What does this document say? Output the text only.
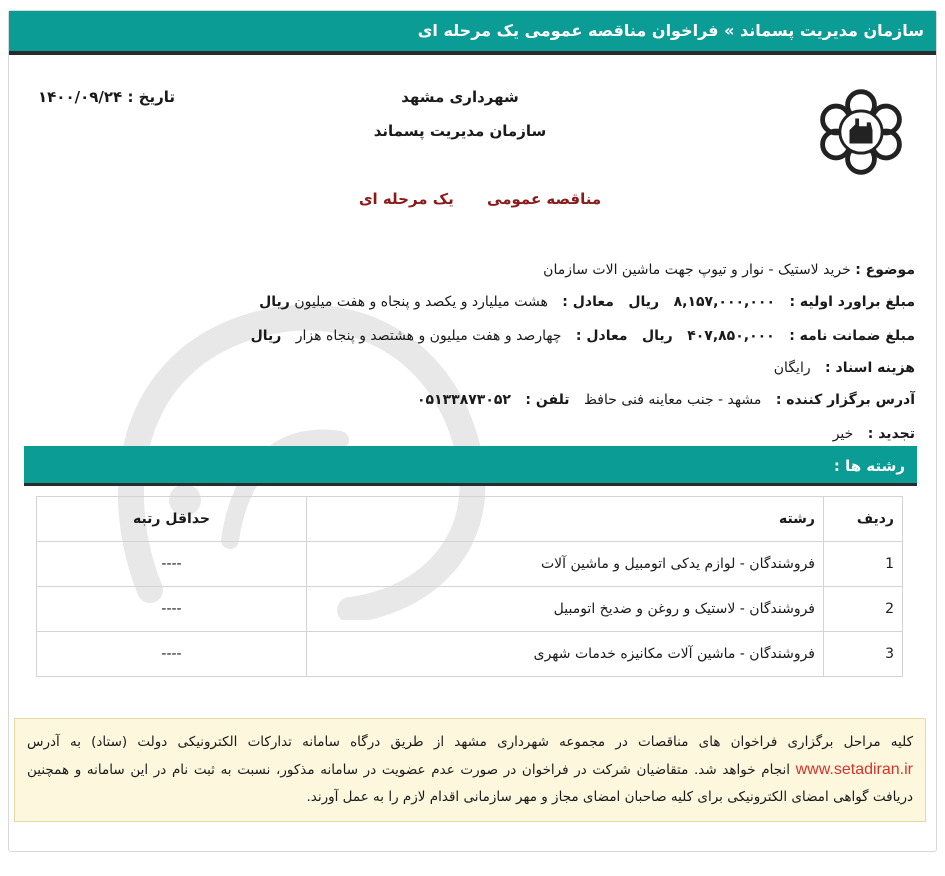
سازمان مدیریت پسماند » فراخوان مناقصه عمومی یک مرحله ای
شهرداری مشهد
سازمان مدیریت پسماند
تاریخ : ۱۴۰۰/۰۹/۲۴
مناقصه عمومی یک مرحله ای
موضوع : خرید لاستیک - نوار و تیوپ جهت ماشین الات سازمان
مبلغ براورد اولیه : ۸,۱۵۷,۰۰۰,۰۰۰ ریال معادل : هشت میلیارد و یکصد و پنجاه و هفت میلیون ریال
مبلغ ضمانت نامه : ۴۰۷,۸۵۰,۰۰۰ ریال معادل : چهارصد و هفت میلیون و هشتصد و پنجاه هزار ریال
هزینه اسناد : رایگان
آدرس برگزار کننده : مشهد - جنب معاینه فنی حافظ تلفن : ۰۵۱۳۳۸۷۳۰۵۲
تجدید : خیر
رشته ها :
ردیف	رشته	حداقل رتبه
1	فروشندگان - لوازم یدکی اتومبیل و ماشین آلات	----
2	فروشندگان - لاستیک و روغن و ضدیخ اتومبیل	----
3	فروشندگان - ماشین آلات مکانیزه خدمات شهری	----
کلیه مراحل برگزاری فراخوان های مناقصات در مجموعه شهرداری مشهد از طریق درگاه سامانه تدارکات الکترونیکی دولت (ستاد) به آدرس www.setadiran.ir انجام خواهد شد. متقاضیان شرکت در فراخوان در صورت عدم عضویت در سامانه مذکور، نسبت به ثبت نام در این سامانه و همچنین دریافت گواهی امضای الکترونیکی برای کلیه صاحبان امضای مجاز و مهر سازمانی اقدام لازم را به عمل آورند.
